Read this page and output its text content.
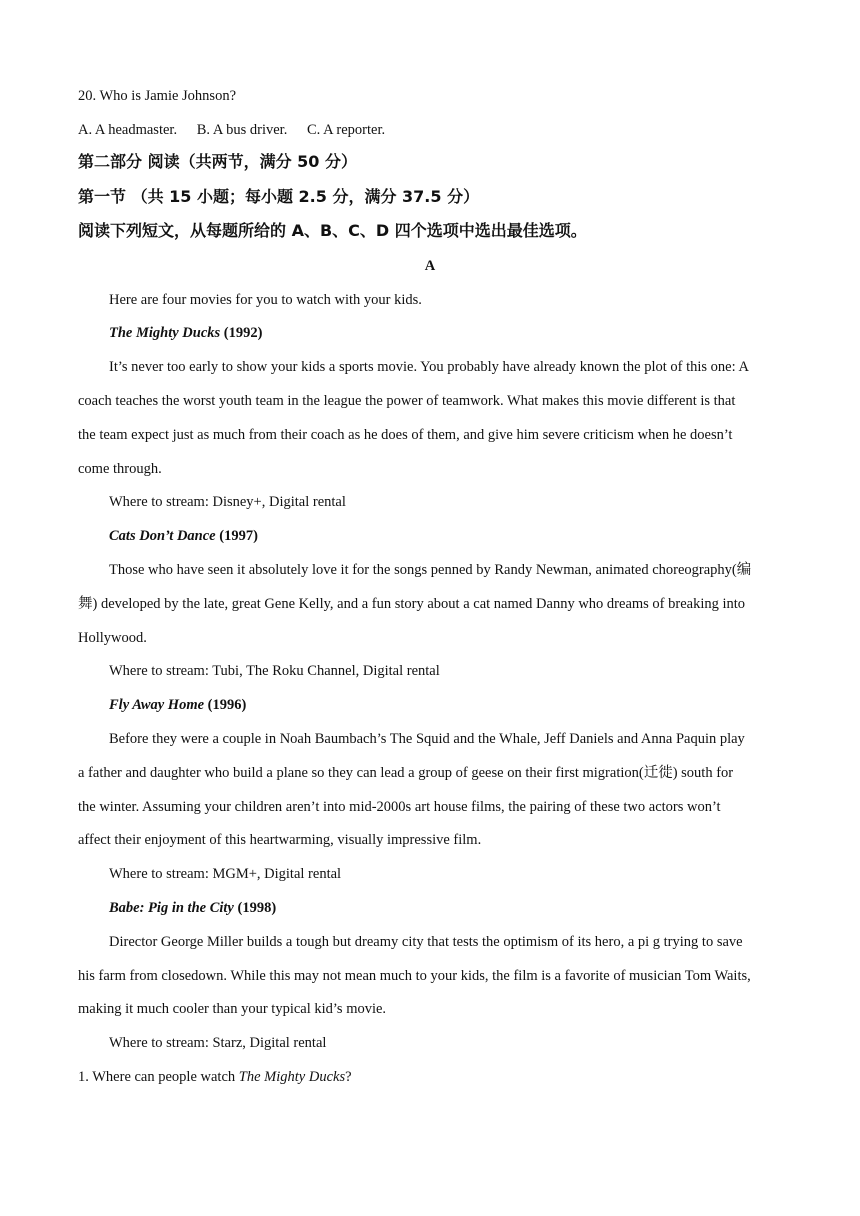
20. Who is Jamie Johnson?
A. A headmaster. B. A bus driver. C. A reporter.
第二部分 阅读（共两节，满分 50 分）
第一节 （共 15 小题；每小题 2.5 分，满分 37.5 分）
阅读下列短文，从每题所给的 A、B、C、D 四个选项中选出最佳选项。
A
Here are four movies for you to watch with your kids.
The Mighty Ducks (1992)
It’s never too early to show your kids a sports movie. You probably have already known the plot of this one: A
coach teaches the worst youth team in the league the power of teamwork. What makes this movie different is that
the team expect just as much from their coach as he does of them, and give him severe criticism when he doesn’t
come through.
Where to stream: Disney+, Digital rental
Cats Don’t Dance (1997)
Those who have seen it absolutely love it for the songs penned by Randy Newman, animated choreography(编
舞) developed by the late, great Gene Kelly, and a fun story about a cat named Danny who dreams of breaking into
Hollywood.
Where to stream: Tubi, The Roku Channel, Digital rental
Fly Away Home (1996)
Before they were a couple in Noah Baumbach’s The Squid and the Whale, Jeff Daniels and Anna Paquin play
a father and daughter who build a plane so they can lead a group of geese on their first migration(迁徙) south for
the winter. Assuming your children aren’t into mid-2000s art house films, the pairing of these two actors won’t
affect their enjoyment of this heartwarming, visually impressive film.
Where to stream: MGM+, Digital rental
Babe: Pig in the City (1998)
Director George Miller builds a tough but dreamy city that tests the optimism of its hero, a pi g trying to save
his farm from closedown. While this may not mean much to your kids, the film is a favorite of musician Tom Waits,
making it much cooler than your typical kid’s movie.
Where to stream: Starz, Digital rental
1. Where can people watch The Mighty Ducks?
